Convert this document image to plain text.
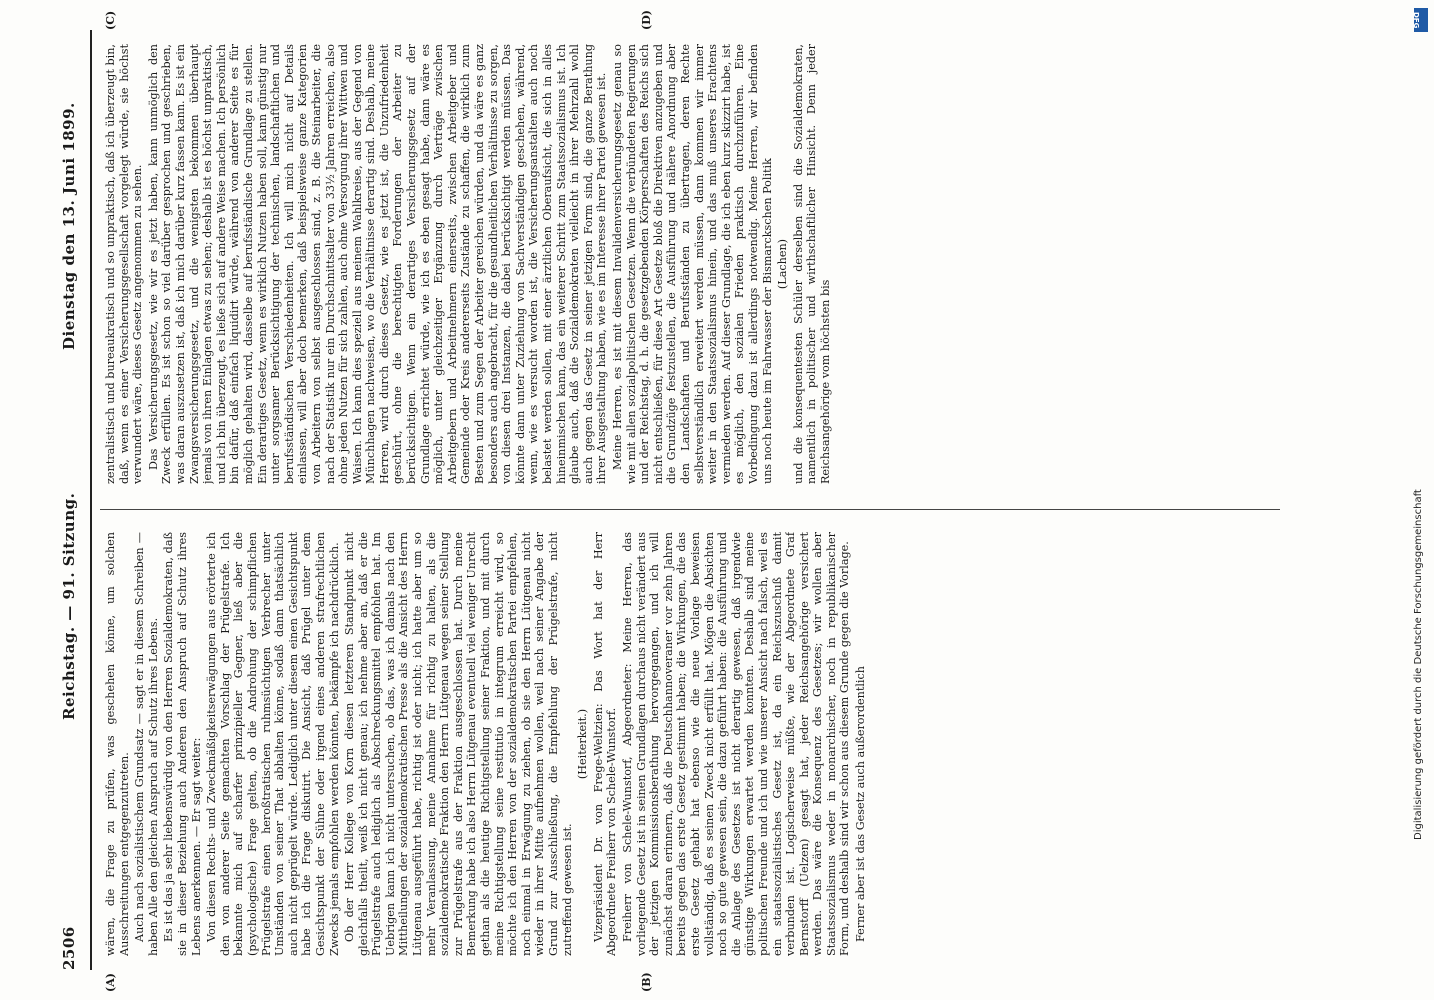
2506
Reichstag. — 91. Sitzung.
Dienstag den 13. Juni 1899.
(A)	(B)
(C)	(D)

wären, die Frage zu prüfen, was geschehen könne, um solchen Ausschreitungen entgegenzutreten. Auch nach sozialistischem Grundsatz — sagt er in diesem Schreiben — haben Alle den gleichen Anspruch auf Schutz ihres Lebens. Es ist das ja sehr liebenswürdig von den Herren Sozialdemokraten, daß sie in dieser Beziehung auch Anderen den Anspruch auf Schutz ihres Lebens anerkennen. — Er sagt weiter: Von diesen Rechts- und Zweckmäßigkeitserwägungen aus erörterte ich den von anderer Seite gemachten Vorschlag der Prügelstrafe. Ich bekannte mich auf scharfer prinzipieller Gegner, ließ aber die (psychologische) Frage gelten, ob die Androhung der schimpflichen Prügelstrafe einen heroßtratischen ruhmsüchtigen Verbrecher unter Umständen von seiner That abhalten könne, sodaß dann thatsächlich auch nicht geprügelt würde. Lediglich unter diesem einen Gesichtspunkt habe ich die Frage diskutirt. Die Ansicht, daß Prügel unter dem Gesichtspunkt der Sühne oder irgend eines anderen strafrechtlichen Zwecks jemals empfohlen werden könnten, bekämpfe ich nachdrücklich. Ob der Herr Kollege von Korn diesen letzteren Standpunkt nicht gleichfalls theilt, weiß ich nicht genau; ich nehme aber an, daß er die Prügelstrafe auch lediglich als Abschreckungsmittel empfohlen hat. Im Uebrigen kann ich nicht untersuchen, ob das, was ich damals nach den Mittheilungen der sozialdemokratischen Presse als die Ansicht des Herrn Lütgenau ausgeführt habe, richtig ist oder nicht; ich hatte aber um so mehr Veranlassung, meine Annahme für richtig zu halten, als die sozialdemokratische Fraktion den Herrn Lütgenau wegen seiner Stellung zur Prügelstrafe aus der Fraktion ausgeschlossen hat. Durch meine Bemerkung habe ich also Herrn Lütgenau eventuell viel weniger Unrecht gethan als die heutige Richtigstellung seiner Fraktion, und mit durch meine Richtigstellung seine restitutio in integrum erreicht wird, so möchte ich den Herren von der sozialdemokratischen Partei empfehlen, noch einmal in Erwägung zu ziehen, ob sie den Herrn Lütgenau nicht wieder in ihrer Mitte aufnehmen wollen, weil nach seiner Angabe der Grund zur Ausschließung, die Empfehlung der Prügelstrafe, nicht zutreffend gewesen ist.

(Heiterkeit.) Vizepräsident Dr. von Frege-Weltzien: Das Wort hat der Herr Abgeordnete Freiherr von Schele-Wunstorf. Freiherr von Schele-Wunstorf, Abgeordneter: Meine Herren, das vorliegende Gesetz ist in seinen Grundlagen durchaus nicht verändert aus der jetzigen Kommissionsberathung hervorgegangen, und ich will zunächst daran erinnern, daß die Deutschhannoveraner vor zehn Jahren bereits gegen das erste Gesetz gestimmt haben; die Wirkungen, die das erste Gesetz gehabt hat ebenso wie die neue Vorlage beweisen vollständig, daß es seinen Zweck nicht erfüllt hat. Mögen die Absichten noch so gute gewesen sein, die dazu geführt haben: die Ausführung und die Anlage des Gesetzes ist nicht derartig gewesen, daß irgendwie günstige Wirkungen erwartet werden konnten. Deshalb sind meine politischen Freunde und ich und wie unserer Ansicht nach falsch, weil es ein staatssozialistisches Gesetz ist, da ein Reichszuschuß damit verbunden ist. Logischerweise müßte, wie der Abgeordnete Graf Bernstorff (Uelzen) gesagt hat, jeder Reichsangehörige versichert werden. Das wäre die Konsequenz des Gesetzes; wir wollen aber Staatssozialismus weder in monarchischer, noch in republikanischer Form, und deshalb sind wir schon aus diesem Grunde gegen die Vorlage. Ferner aber ist das Gesetz auch außerordentlich

zentralistisch und bureaukratisch und so unpraktisch, daß ich überzeugt bin, daß, wenn es einer Versicherungsgesellschaft vorgelegt würde, sie höchst verwundert wäre, dieses Gesetz angenommen zu sehen. Das Versicherungsgesetz, wie wir es jetzt haben, kann unmöglich den Zweck erfüllen. Es ist schon so viel darüber gesprochen und geschrieben, was daran auszusetzen ist, daß ich mich darüber kurz fassen kann. Es ist ein Zwangsversicherungsgesetz, und die wenigsten bekommen überhaupt jemals von ihren Einlagen etwas zu sehen; deshalb ist es höchst unpraktisch, und ich bin überzeugt, es ließe sich auf andere Weise machen. Ich persönlich bin dafür, daß einfach liquidirt würde, während von anderer Seite es für möglich gehalten wird, dasselbe auf berufsständische Grundlage zu stellen. Ein derartiges Gesetz, wenn es wirklich Nutzen haben soll, kann günstig nur unter sorgsamer Berücksichtigung der technischen, landschaftlichen und berufsständischen Verschiedenheiten. Ich will mich nicht auf Details einlassen, will aber doch bemerken, daß beispielsweise ganze Kategorien von Arbeitern von selbst ausgeschlossen sind, z. B. die Steinarbeiter, die nach der Statistik nur ein Durchschnittsalter von 33½ Jahren erreichen, also ohne jeden Nutzen für sich zahlen, auch ohne Versorgung ihrer Wittwen und Waisen. Ich kann dies speziell aus meinem Wahlkreise, aus der Gegend von Münchhagen nachweisen, wo die Verhältnisse derartig sind. Deshalb, meine Herren, wird durch dieses Gesetz, wie es jetzt ist, die Unzufriedenheit geschürt, ohne die berechtigten Forderungen der Arbeiter zu berücksichtigen. Wenn ein derartiges Versicherungsgesetz auf der Grundlage errichtet würde, wie ich es eben gesagt habe, dann wäre es möglich, unter gleichzeitiger Ergänzung durch Verträge zwischen Arbeitgebern und Arbeitnehmern einerseits, zwischen Arbeitgeber und Gemeinde oder Kreis andererseits Zustände zu schaffen, die wirklich zum Besten und zum Segen der Arbeiter gereichen würden, und da wäre es ganz besonders auch angebracht, für die gesundheitlichen Verhältnisse zu sorgen, von diesen drei Instanzen, die dabei berücksichtigt werden müssen. Das könnte dann unter Zuziehung von Sachverständigen geschehen, während, wenn, wie es versucht worden ist, die Versicherungsanstalten auch noch belastet werden sollen, mit einer ärztlichen Oberaufsicht, die sich in alles hineinmischen kann, das ein weiterer Schritt zum Staatssozialismus ist. Ich glaube auch, daß die Sozialdemokraten vielleicht in ihrer Mehrzahl wohl auch gegen das Gesetz in seiner jetzigen Form sind, die ganze Berathung ihrer Ausgestaltung haben, wie es im Interesse ihrer Partei gewesen ist. Meine Herren, es ist mit diesem Invalidenversicherungsgesetz genau so wie mit allen sozialpolitischen Gesetzen. Wenn die verbündeten Regierungen und der Reichstag, d. h. die gesetzgebenden Körperschaften des Reichs sich nicht entschließen, für diese Art Gesetze bloß die Direktiven anzugeben und die Grundzüge festzustellen, die Ausführung und nähere Anordnung aber den Landschaften und Berufsständen zu übertragen, deren Rechte selbstverständlich erweitert werden müssen, dann kommen wir immer weiter in den Staatssozialismus hinein, und das muß unseres Erachtens vermieden werden. Auf dieser Grundlage, die ich eben kurz skizzirt habe, ist es möglich, den sozialen Frieden praktisch durchzuführen. Eine Vorbedingung dazu ist allerdings notwendig. Meine Herren, wir befinden uns noch heute im Fahrwasser der Bismarckschen Politik (Lachen) und die konsequentesten Schüler derselben sind die Sozialdemokraten, namentlich in politischer und wirthschaftlicher Hinsicht. Denn jeder Reichsangehörige vom höchsten bis

DFG
Digitalisierung gefördert durch die Deutsche Forschungsgemeinschaft
